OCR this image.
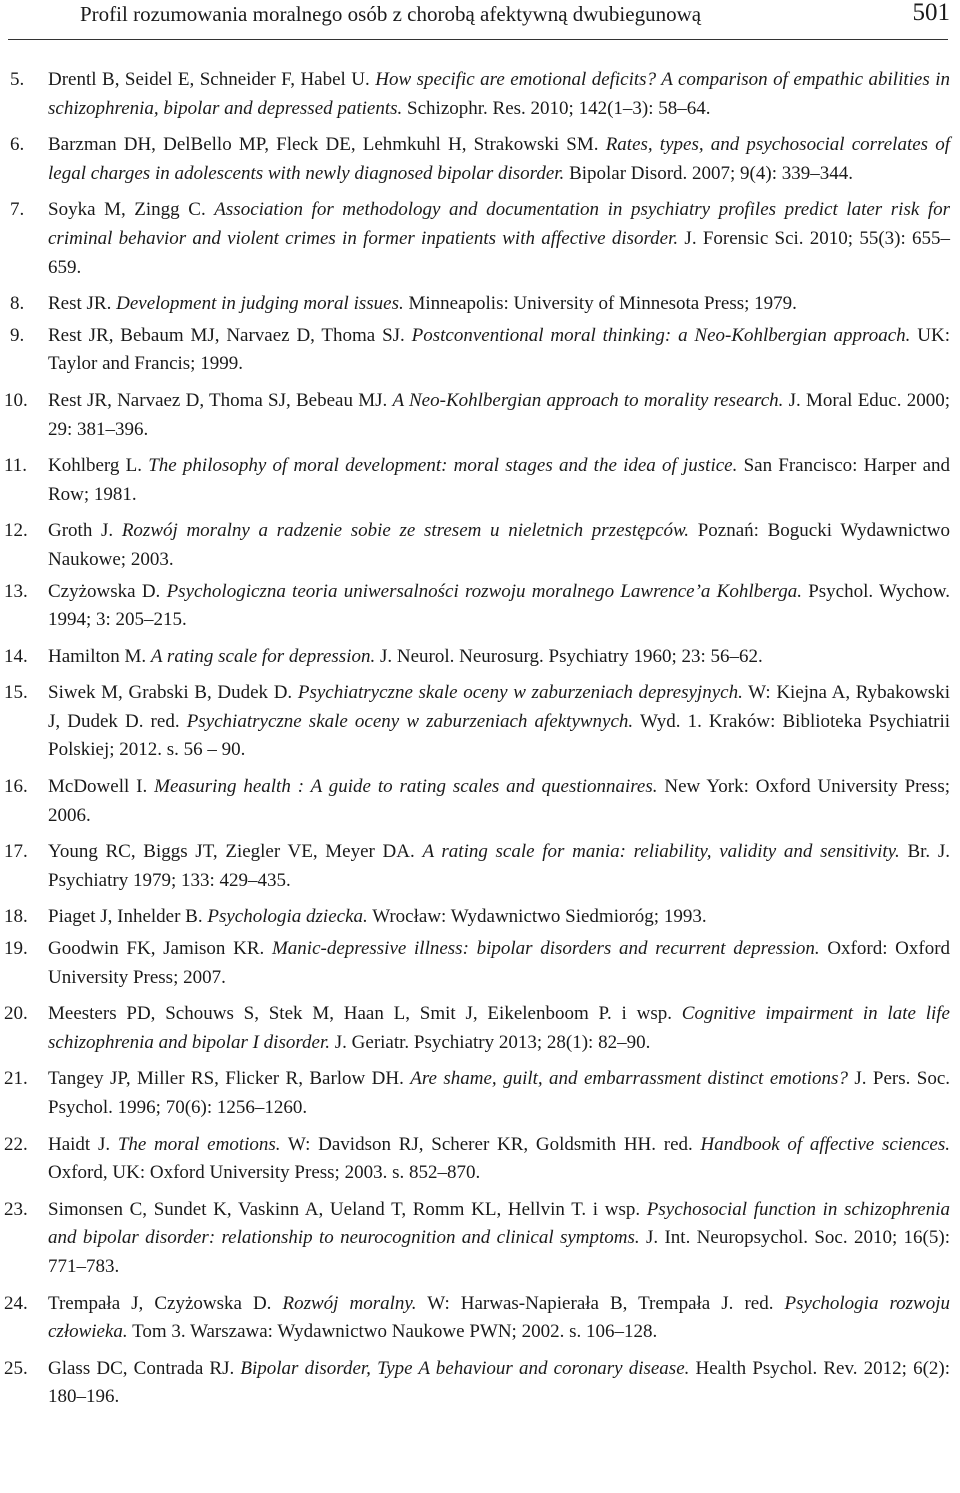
Profil rozumowania moralnego osób z chorobą afektywną dwubiegunową	501
5.	Drentl B, Seidel E, Schneider F, Habel U. How specific are emotional deficits? A comparison of empathic abilities in schizophrenia, bipolar and depressed patients. Schizophr. Res. 2010; 142(1–3): 58–64.
6.	Barzman DH, DelBello MP, Fleck DE, Lehmkuhl H, Strakowski SM. Rates, types, and psychosocial correlates of legal charges in adolescents with newly diagnosed bipolar disorder. Bipolar Disord. 2007; 9(4): 339–344.
7.	Soyka M, Zingg C. Association for methodology and documentation in psychiatry profiles predict later risk for criminal behavior and violent crimes in former inpatients with affective disorder. J. Forensic Sci. 2010; 55(3): 655–659.
8.	Rest JR. Development in judging moral issues. Minneapolis: University of Minnesota Press; 1979.
9.	Rest JR, Bebaum MJ, Narvaez D, Thoma SJ. Postconventional moral thinking: a Neo-Kohlbergian approach. UK: Taylor and Francis; 1999.
10.	Rest JR, Narvaez D, Thoma SJ, Bebeau MJ. A Neo-Kohlbergian approach to morality research. J. Moral Educ. 2000; 29: 381–396.
11.	Kohlberg L. The philosophy of moral development: moral stages and the idea of justice. San Francisco: Harper and Row; 1981.
12.	Groth J. Rozwój moralny a radzenie sobie ze stresem u nieletnich przestępców. Poznań: Bogucki Wydawnictwo Naukowe; 2003.
13.	Czyżowska D. Psychologiczna teoria uniwersalności rozwoju moralnego Lawrence’a Kohlberga. Psychol. Wychow. 1994; 3: 205–215.
14.	Hamilton M. A rating scale for depression. J. Neurol. Neurosurg. Psychiatry 1960; 23: 56–62.
15.	Siwek M, Grabski B, Dudek D. Psychiatryczne skale oceny w zaburzeniach depresyjnych. W: Kiejna A, Rybakowski J, Dudek D. red. Psychiatryczne skale oceny w zaburzeniach afektywnych. Wyd. 1. Kraków: Biblioteka Psychiatrii Polskiej; 2012. s. 56 – 90.
16.	McDowell I. Measuring health : A guide to rating scales and questionnaires. New York: Oxford University Press; 2006.
17.	Young RC, Biggs JT, Ziegler VE, Meyer DA. A rating scale for mania: reliability, validity and sensitivity. Br. J. Psychiatry 1979; 133: 429–435.
18.	Piaget J, Inhelder B. Psychologia dziecka. Wrocław: Wydawnictwo Siedmioróg; 1993.
19.	Goodwin FK, Jamison KR. Manic-depressive illness: bipolar disorders and recurrent depression. Oxford: Oxford University Press; 2007.
20.	Meesters PD, Schouws S, Stek M, Haan L, Smit J, Eikelenboom P. i wsp. Cognitive impairment in late life schizophrenia and bipolar I disorder. J. Geriatr. Psychiatry 2013; 28(1): 82–90.
21.	Tangey JP, Miller RS, Flicker R, Barlow DH. Are shame, guilt, and embarrassment distinct emotions? J. Pers. Soc. Psychol. 1996; 70(6): 1256–1260.
22.	Haidt J. The moral emotions. W: Davidson RJ, Scherer KR, Goldsmith HH. red. Handbook of affective sciences. Oxford, UK: Oxford University Press; 2003. s. 852–870.
23.	Simonsen C, Sundet K, Vaskinn A, Ueland T, Romm KL, Hellvin T. i wsp. Psychosocial function in schizophrenia and bipolar disorder: relationship to neurocognition and clinical symptoms. J. Int. Neuropsychol. Soc. 2010; 16(5): 771–783.
24.	Trempała J, Czyżowska D. Rozwój moralny. W: Harwas-Napierała B, Trempała J. red. Psychologia rozwoju człowieka. Tom 3. Warszawa: Wydawnictwo Naukowe PWN; 2002. s. 106–128.
25.	Glass DC, Contrada RJ. Bipolar disorder, Type A behaviour and coronary disease. Health Psychol. Rev. 2012; 6(2): 180–196.
